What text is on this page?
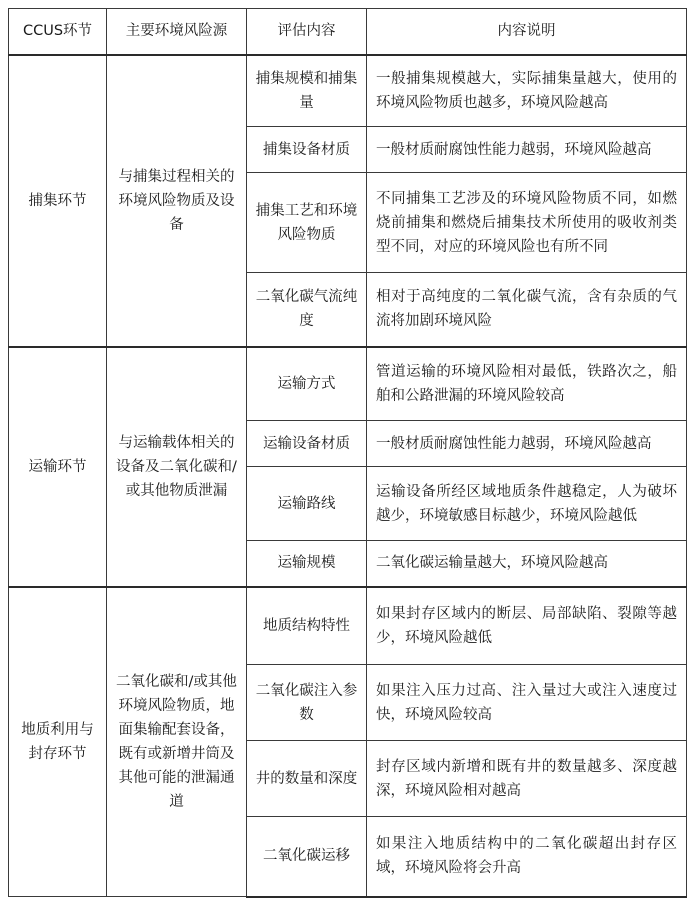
CCUS环节	主要环境风险源	评估内容	内容说明
捕集环节	与捕集过程相关的环境风险物质及设备	捕集规模和捕集量	一般捕集规模越大，实际捕集量越大，使用的环境风险物质也越多，环境风险越高
		捕集设备材质	一般材质耐腐蚀性能力越弱，环境风险越高
		捕集工艺和环境风险物质	不同捕集工艺涉及的环境风险物质不同，如燃烧前捕集和燃烧后捕集技术所使用的吸收剂类型不同，对应的环境风险也有所不同
		二氧化碳气流纯度	相对于高纯度的二氧化碳气流，含有杂质的气流将加剧环境风险
运输环节	与运输载体相关的设备及二氧化碳和/或其他物质泄漏	运输方式	管道运输的环境风险相对最低，铁路次之，船舶和公路泄漏的环境风险较高
		运输设备材质	一般材质耐腐蚀性能力越弱，环境风险越高
		运输路线	运输设备所经区域地质条件越稳定，人为破坏越少，环境敏感目标越少，环境风险越低
		运输规模	二氧化碳运输量越大，环境风险越高
地质利用与封存环节	二氧化碳和/或其他环境风险物质，地面集输配套设备，既有或新增井筒及其他可能的泄漏通道	地质结构特性	如果封存区域内的断层、局部缺陷、裂隙等越少，环境风险越低
		二氧化碳注入参数	如果注入压力过高、注入量过大或注入速度过快，环境风险较高
		井的数量和深度	封存区域内新增和既有井的数量越多、深度越深，环境风险相对越高
		二氧化碳运移	如果注入地质结构中的二氧化碳超出封存区域，环境风险将会升高
